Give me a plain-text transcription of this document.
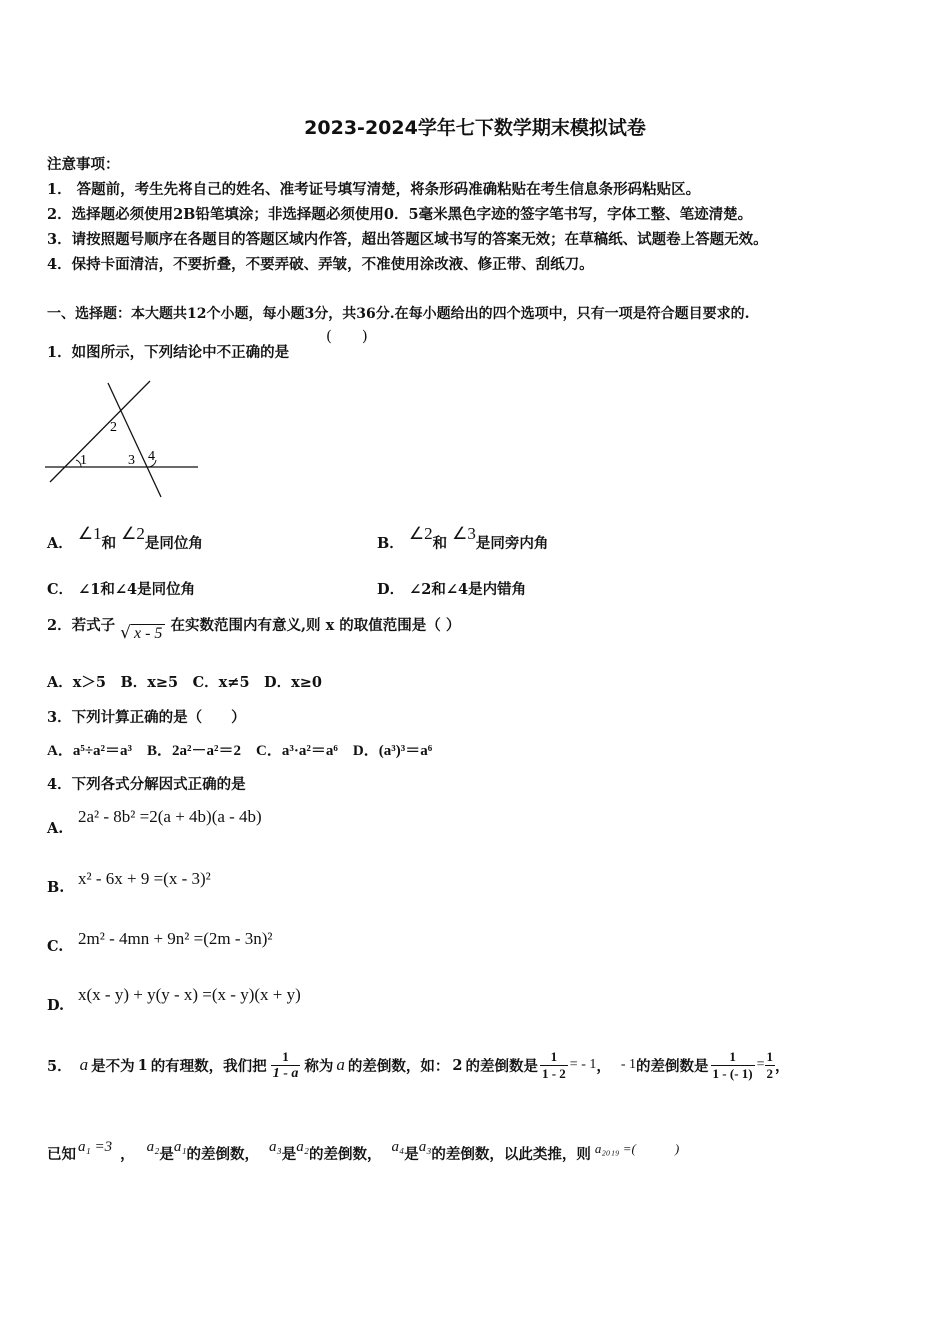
2023-2024学年七下数学期末模拟试卷
注意事项：
1． 答题前，考生先将自己的姓名、准考证号填写清楚，将条形码准确粘贴在考生信息条形码粘贴区。
2．选择题必须使用2B铅笔填涂；非选择题必须使用0．5毫米黑色字迹的签字笔书写，字体工整、笔迹清楚。
3．请按照题号顺序在各题目的答题区域内作答，超出答题区域书写的答案无效；在草稿纸、试题卷上答题无效。
4．保持卡面清洁，不要折叠，不要弄破、弄皱，不准使用涂改液、修正带、刮纸刀。
一、选择题：本大题共12个小题，每小题3分，共36分.在每小题给出的四个选项中，只有一项是符合题目要求的.
1．如图所示，下列结论中不正确的是
(　　)
1
2
3 4
A． ∠1和 ∠2是同位角	B． ∠2和 ∠3是同旁内角
C． ∠1和∠4是同位角	D． ∠2和∠4是内错角
2．若式子 √ x - 5 在实数范围内有意义,则 x 的取值范围是（ ）
A．x＞5　B．x≥5　C．x≠5　D．x≥0
3．下列计算正确的是（　　）
A．a⁵÷a²＝a³　B．2a²－a²＝2　C．a³·a²＝a⁶　D．(a³)³＝a⁶
4．下列各式分解因式正确的是
A.
2a² - 8b² =2(a + 4b)(a - 4b)
B. x² - 6x + 9 =(x - 3)²
C. 2m² - 4mn + 9n² =(2m - 3n)²
D.
x(x - y) + y(y - x) =(x - y)(x + y)
5． a 是不为 1 的有理数，我们把 $\frac{1}{1 - a}$ 称为 a 的差倒数，如： 2 的差倒数是 $\frac{1}{1 - 2}$ = - 1 ， - 1 的差倒数是 $\frac{1}{1 - (- 1)} = \frac{1}{2}$ ，
已知 a₁ =3 ， a₂ 是 a₁ 的差倒数， a₃ 是 a₂ 的差倒数， a₄ 是 a₃ 的差倒数，以此类推，则 a₂₀₁₉ =(　　　)
